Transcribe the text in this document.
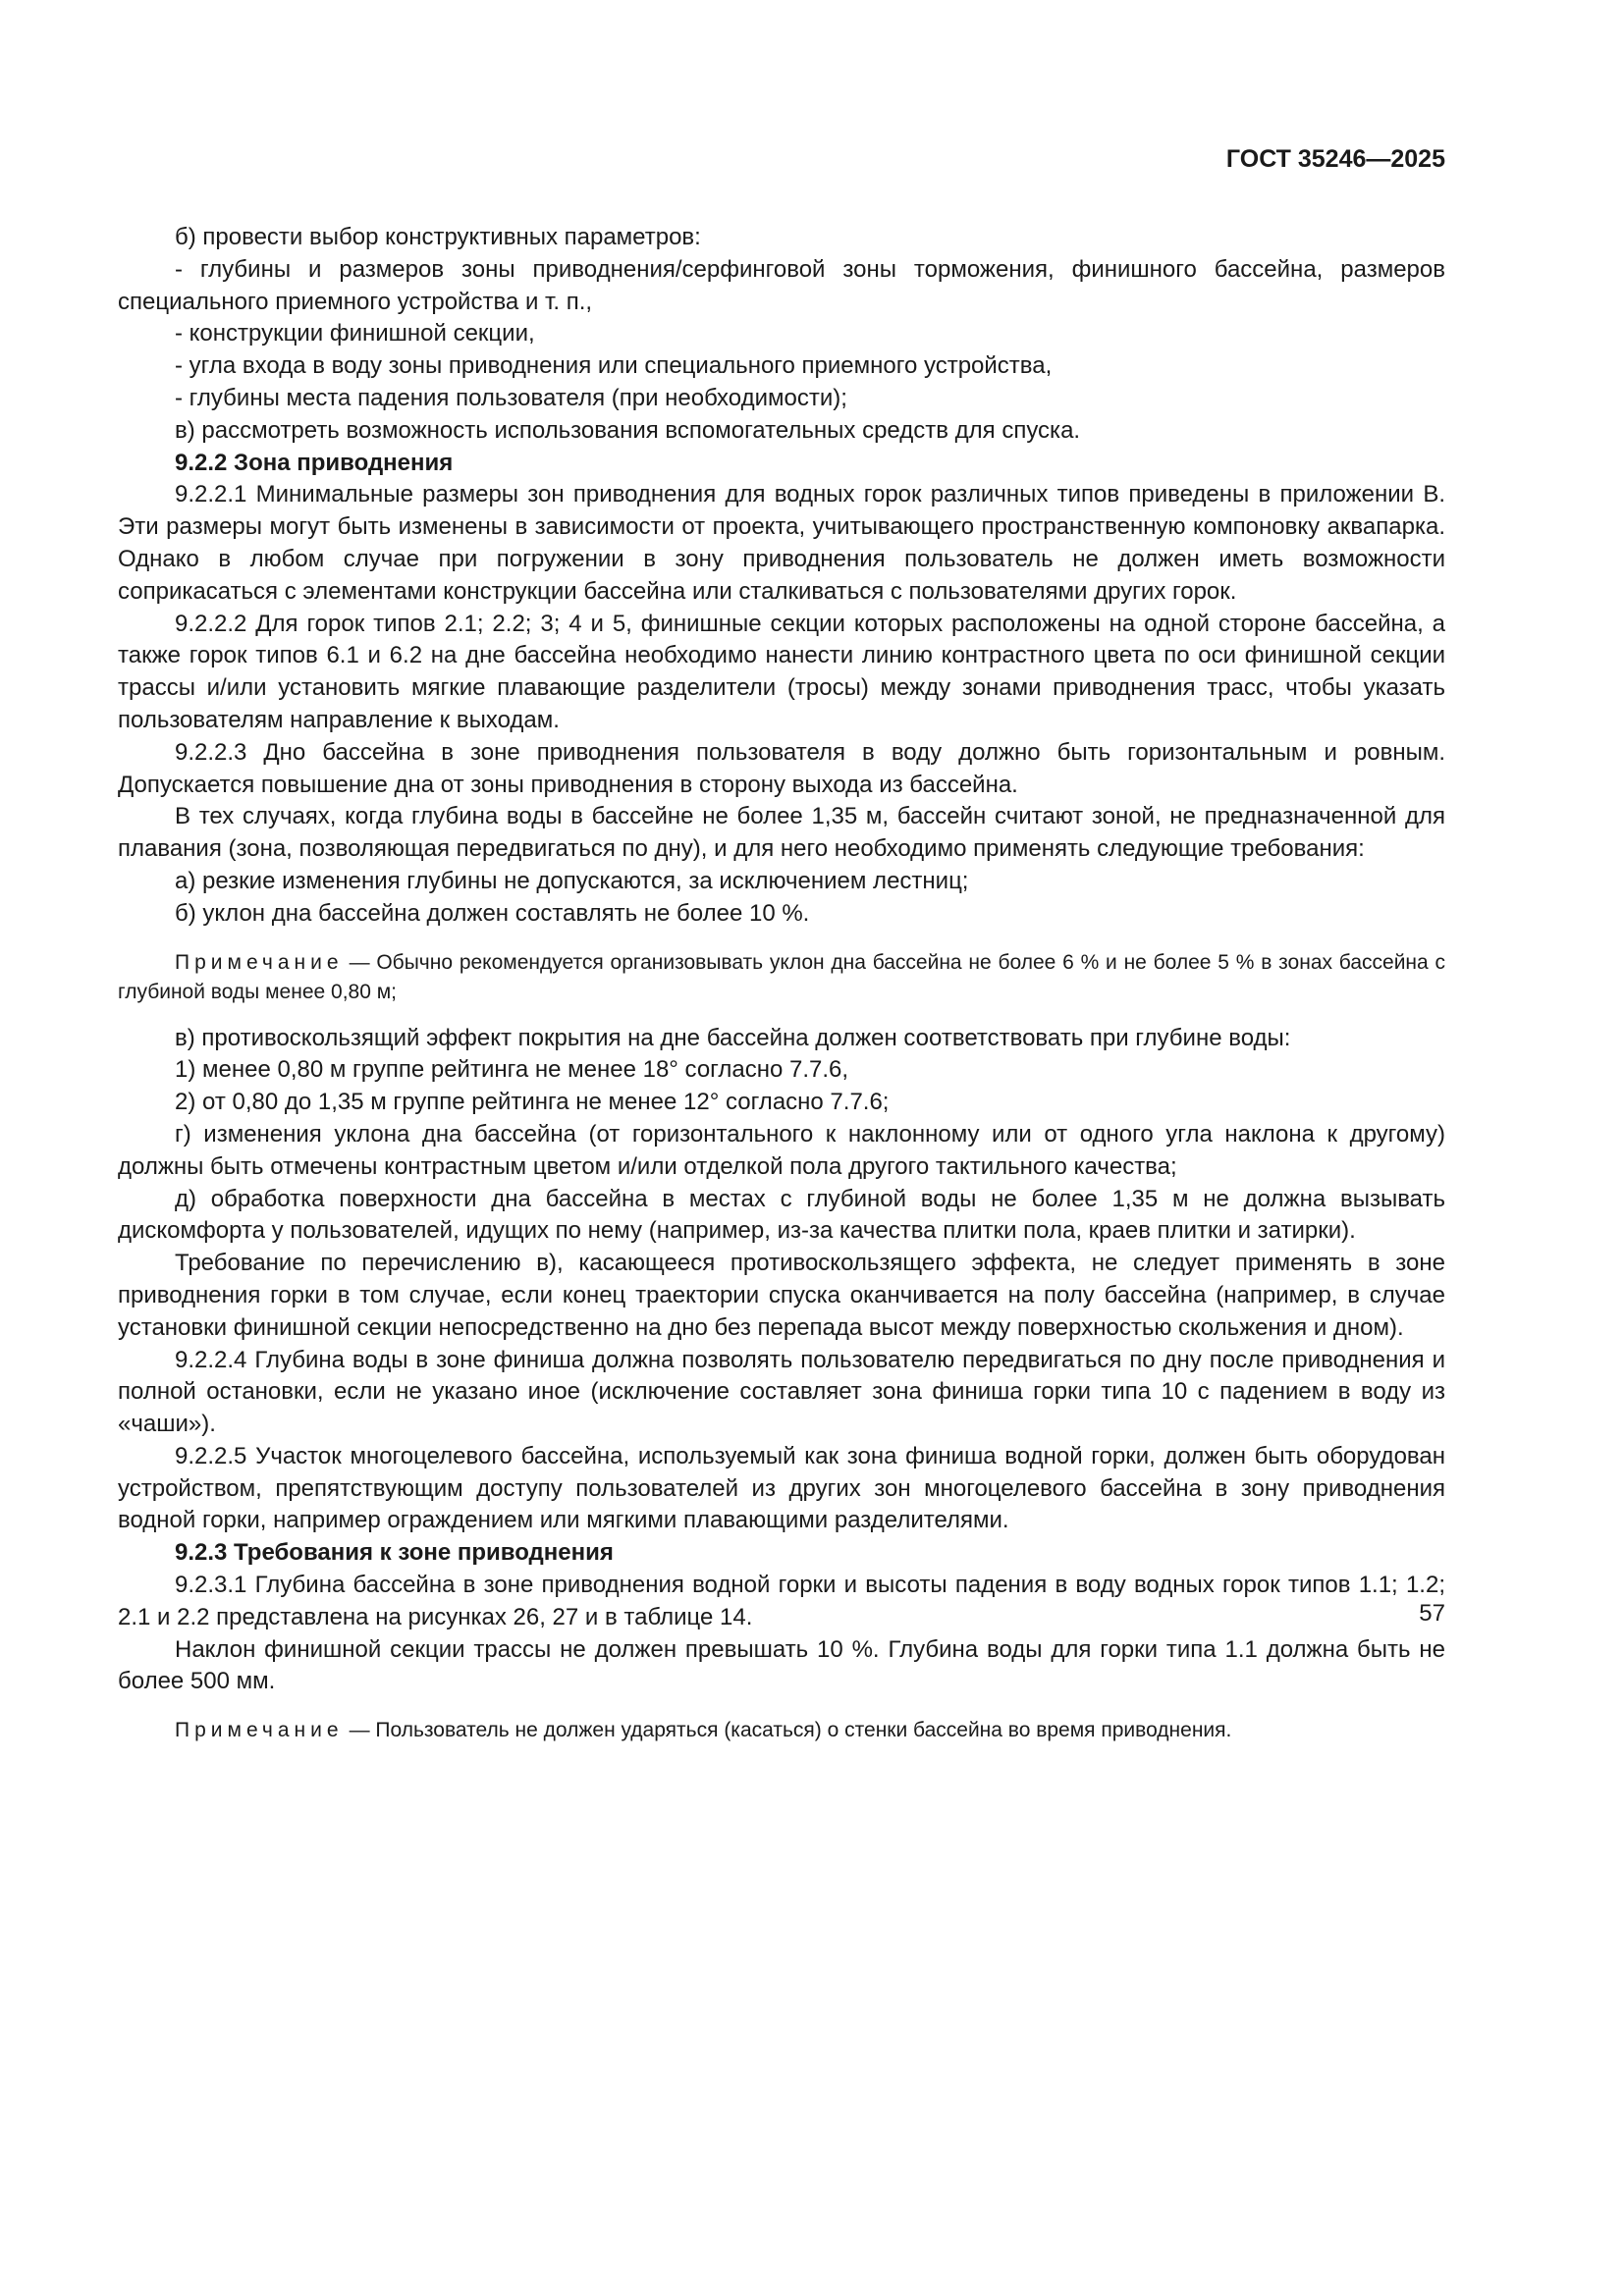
ГОСТ 35246—2025

б) провести выбор конструктивных параметров:

- глубины и размеров зоны приводнения/серфинговой зоны торможения, финишного бассейна, размеров специального приемного устройства и т. п.,

- конструкции финишной секции,

- угла входа в воду зоны приводнения или специального приемного устройства,

- глубины места падения пользователя (при необходимости);

в) рассмотреть возможность использования вспомогательных средств для спуска.

9.2.2 Зона приводнения

9.2.2.1 Минимальные размеры зон приводнения для водных горок различных типов приведены в приложении В. Эти размеры могут быть изменены в зависимости от проекта, учитывающего пространственную компоновку аквапарка. Однако в любом случае при погружении в зону приводнения пользователь не должен иметь возможности соприкасаться с элементами конструкции бассейна или сталкиваться с пользователями других горок.

9.2.2.2 Для горок типов 2.1; 2.2; 3; 4 и 5, финишные секции которых расположены на одной стороне бассейна, а также горок типов 6.1 и 6.2 на дне бассейна необходимо нанести линию контрастного цвета по оси финишной секции трассы и/или установить мягкие плавающие разделители (тросы) между зонами приводнения трасс, чтобы указать пользователям направление к выходам.

9.2.2.3 Дно бассейна в зоне приводнения пользователя в воду должно быть горизонтальным и ровным. Допускается повышение дна от зоны приводнения в сторону выхода из бассейна.

В тех случаях, когда глубина воды в бассейне не более 1,35 м, бассейн считают зоной, не предназначенной для плавания (зона, позволяющая передвигаться по дну), и для него необходимо применять следующие требования:

а) резкие изменения глубины не допускаются, за исключением лестниц;

б) уклон дна бассейна должен составлять не более 10 %.

Примечание — Обычно рекомендуется организовывать уклон дна бассейна не более 6 % и не более 5 % в зонах бассейна с глубиной воды менее 0,80 м;

в) противоскользящий эффект покрытия на дне бассейна должен соответствовать при глубине воды:

1) менее 0,80 м группе рейтинга не менее 18° согласно 7.7.6,

2) от 0,80 до 1,35 м группе рейтинга не менее 12° согласно 7.7.6;

г) изменения уклона дна бассейна (от горизонтального к наклонному или от одного угла наклона к другому) должны быть отмечены контрастным цветом и/или отделкой пола другого тактильного качества;

д) обработка поверхности дна бассейна в местах с глубиной воды не более 1,35 м не должна вызывать дискомфорта у пользователей, идущих по нему (например, из-за качества плитки пола, краев плитки и затирки).

Требование по перечислению в), касающееся противоскользящего эффекта, не следует применять в зоне приводнения горки в том случае, если конец траектории спуска оканчивается на полу бассейна (например, в случае установки финишной секции непосредственно на дно без перепада высот между поверхностью скольжения и дном).

9.2.2.4 Глубина воды в зоне финиша должна позволять пользователю передвигаться по дну после приводнения и полной остановки, если не указано иное (исключение составляет зона финиша горки типа 10 с падением в воду из «чаши»).

9.2.2.5 Участок многоцелевого бассейна, используемый как зона финиша водной горки, должен быть оборудован устройством, препятствующим доступу пользователей из других зон многоцелевого бассейна в зону приводнения водной горки, например ограждением или мягкими плавающими разделителями.

9.2.3 Требования к зоне приводнения

9.2.3.1 Глубина бассейна в зоне приводнения водной горки и высоты падения в воду водных горок типов 1.1; 1.2; 2.1 и 2.2 представлена на рисунках 26, 27 и в таблице 14.

Наклон финишной секции трассы не должен превышать 10 %. Глубина воды для горки типа 1.1 должна быть не более 500 мм.

Примечание — Пользователь не должен ударяться (касаться) о стенки бассейна во время приводнения.

57
